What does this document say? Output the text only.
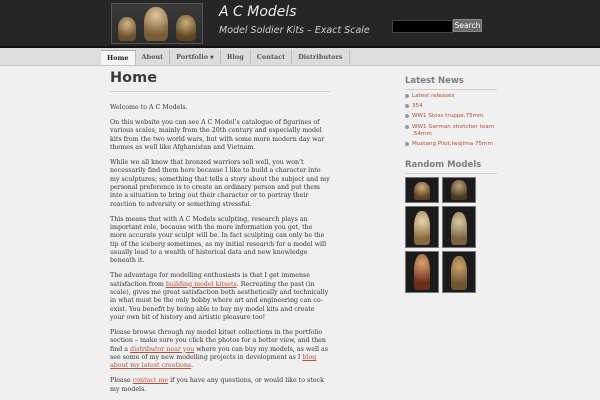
A C Models
Model Soldier Kits – Exact Scale	Search
Home	About	Portfolio ▼	Blog	Contact	Distributors
Home

Welcome to A C Models.

On this website you can see A C Model’s catalogue of figurines of various scales, mainly from the 20th century and especially model kits from the two world wars, but with some more modern day war themes as well like Afghanistan and Vietnam.

While we all know that bronzed warriors sell well, you won’t necessarily find them here because I like to build a character into my sculptures; something that tells a story about the subject and my personal preference is to create an ordinary person and put them into a situation to bring out their character or to portray their reaction to adversity or something stressful.

This means that with A C Models sculpting, research plays an important role, because with the more information you get, the more accurate your sculpt will be. In fact sculpting can only be the tip of the iceberg sometimes, as my initial research for a model will usually lead to a wealth of historical data and new knowledge beneath it.

The advantage for modelling enthusiasts is that I get immense satisfaction from building model kitsets. Recreating the past (in scale), gives me great satisfaction both aesthetically and technically in what must be the only hobby where art and engineering can co-exist. You benefit by being able to buy my model kits and create your own bit of history and artistic pleasure too!

Please browse through my model kitset collections in the portfolio section – make sure you click the photos for a better view, and then find a distributor near you where you can buy my models, as well as see some of my new modelling projects in development as I blog about my latest creations.

Please contact me if you have any questions, or would like to stock my models.

Latest News
Latest releases
354
WW1 Stoss truppe,75mm
WW1 German stretcher team ,54mm
Mustang Pilot,Iwojima 75mm
Random Models
